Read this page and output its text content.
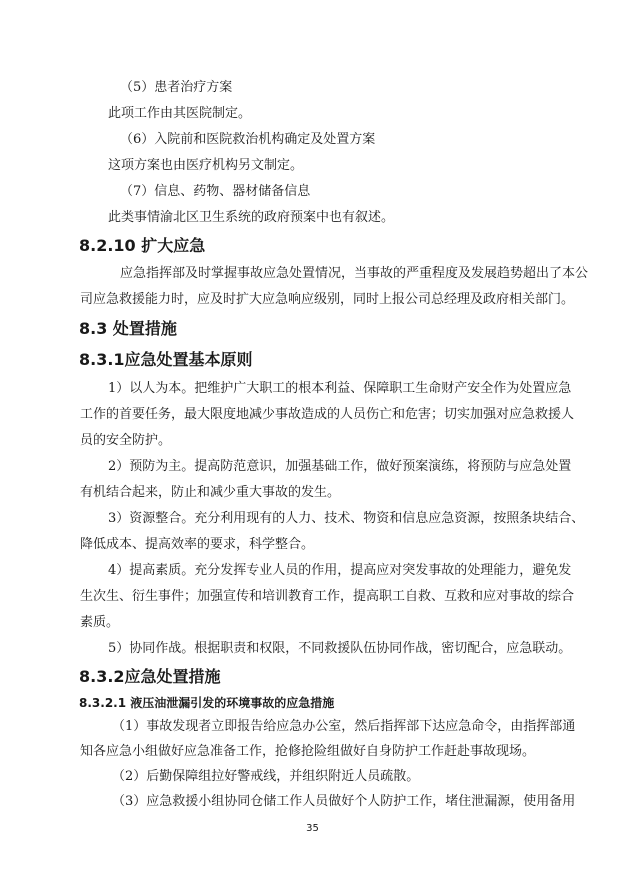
（5）患者治疗方案
此项工作由其医院制定。
（6）入院前和医院救治机构确定及处置方案
这项方案也由医疗机构另文制定。
（7）信息、药物、器材储备信息
此类事情渝北区卫生系统的政府预案中也有叙述。
8.2.10 扩大应急
应急指挥部及时掌握事故应急处置情况，当事故的严重程度及发展趋势超出了本公
司应急救援能力时，应及时扩大应急响应级别，同时上报公司总经理及政府相关部门。
8.3 处置措施
8.3.1应急处置基本原则
1）以人为本。把维护广大职工的根本利益、保障职工生命财产安全作为处置应急
工作的首要任务，最大限度地减少事故造成的人员伤亡和危害；切实加强对应急救援人
员的安全防护。
2）预防为主。提高防范意识，加强基础工作，做好预案演练，将预防与应急处置
有机结合起来，防止和减少重大事故的发生。
3）资源整合。充分利用现有的人力、技术、物资和信息应急资源，按照条块结合、
降低成本、提高效率的要求，科学整合。
4）提高素质。充分发挥专业人员的作用，提高应对突发事故的处理能力，避免发
生次生、衍生事件；加强宣传和培训教育工作，提高职工自救、互救和应对事故的综合
素质。
5）协同作战。根据职责和权限，不同救援队伍协同作战，密切配合，应急联动。
8.3.2应急处置措施
8.3.2.1 液压油泄漏引发的环境事故的应急措施
（1）事故发现者立即报告给应急办公室，然后指挥部下达应急命令，由指挥部通
知各应急小组做好应急准备工作，抢修抢险组做好自身防护工作赶赴事故现场。
（2）后勤保障组拉好警戒线，并组织附近人员疏散。
（3）应急救援小组协同仓储工作人员做好个人防护工作，堵住泄漏源，使用备用
35
